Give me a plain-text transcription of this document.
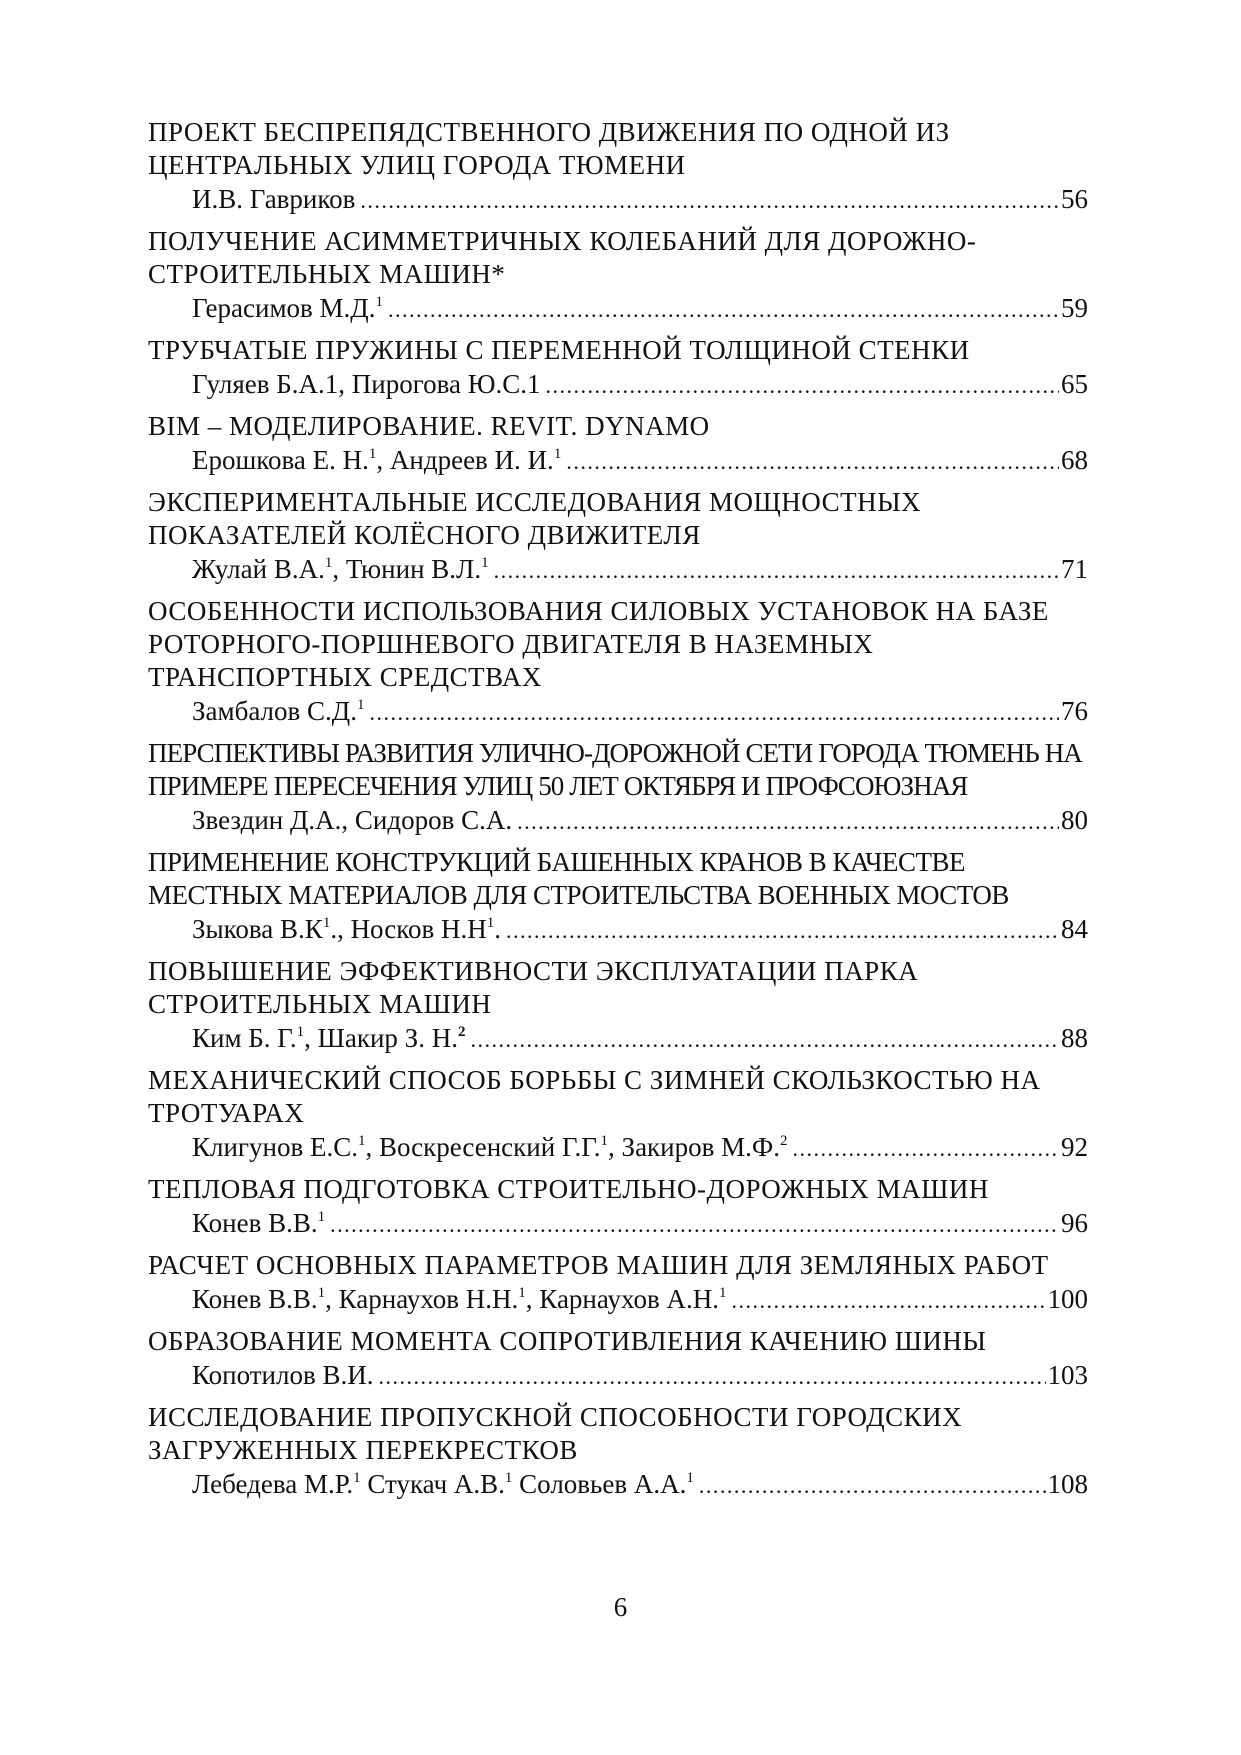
ПРОЕКТ БЕСПРЕПЯДСТВЕННОГО ДВИЖЕНИЯ ПО ОДНОЙ ИЗ ЦЕНТРАЛЬНЫХ УЛИЦ ГОРОДА ТЮМЕНИ
И.В. Гавриков .....	56
ПОЛУЧЕНИЕ АСИММЕТРИЧНЫХ КОЛЕБАНИЙ ДЛЯ ДОРОЖНО-СТРОИТЕЛЬНЫХ МАШИН*
Герасимов М.Д.$^1$ .....	59
ТРУБЧАТЫЕ ПРУЖИНЫ С ПЕРЕМЕННОЙ ТОЛЩИНОЙ СТЕНКИ
Гуляев Б.А.1, Пирогова Ю.С.1 .....	65
BIM – МОДЕЛИРОВАНИЕ. REVIT. DYNAMO
Ерошкова Е. Н.$^1$, Андреев И. И.$^1$ .....	68
ЭКСПЕРИМЕНТАЛЬНЫЕ ИССЛЕДОВАНИЯ МОЩНОСТНЫХ ПОКАЗАТЕЛЕЙ КОЛЁСНОГО ДВИЖИТЕЛЯ
Жулай В.А.$^1$, Тюнин В.Л.$^1$ .....	71
ОСОБЕННОСТИ ИСПОЛЬЗОВАНИЯ СИЛОВЫХ УСТАНОВОК НА БАЗЕ РОТОРНОГО-ПОРШНЕВОГО ДВИГАТЕЛЯ В НАЗЕМНЫХ ТРАНСПОРТНЫХ СРЕДСТВАХ
Замбалов С.Д.$^1$ .....	76
ПЕРСПЕКТИВЫ РАЗВИТИЯ УЛИЧНО-ДОРОЖНОЙ СЕТИ ГОРОДА ТЮМЕНЬ НА ПРИМЕРЕ ПЕРЕСЕЧЕНИЯ УЛИЦ 50 ЛЕТ ОКТЯБРЯ И ПРОФСОЮЗНАЯ
Звездин Д.А., Сидоров С.А. .....	80
ПРИМЕНЕНИЕ КОНСТРУКЦИЙ БАШЕННЫХ КРАНОВ В КАЧЕСТВЕ МЕСТНЫХ МАТЕРИАЛОВ ДЛЯ СТРОИТЕЛЬСТВА ВОЕННЫХ МОСТОВ
Зыкова $В.К^1$., Носков $Н.Н^1$. .....	84
ПОВЫШЕНИЕ ЭФФЕКТИВНОСТИ ЭКСПЛУАТАЦИИ ПАРКА СТРОИТЕЛЬНЫХ МАШИН
Ким Б. Г.$^1$, Шакир З. Н.$^2$ .....	88
МЕХАНИЧЕСКИЙ СПОСОБ БОРЬБЫ С ЗИМНЕЙ СКОЛЬЗКОСТЬЮ НА ТРОТУАРАХ
Клигунов Е.С.$^1$, Воскресенский Г.Г.$^1$, Закиров М.Ф.$^2$ .....	92
ТЕПЛОВАЯ ПОДГОТОВКА СТРОИТЕЛЬНО-ДОРОЖНЫХ МАШИН
Конев В.В.$^1$ .....	96
РАСЧЕТ ОСНОВНЫХ ПАРАМЕТРОВ МАШИН ДЛЯ ЗЕМЛЯНЫХ РАБОТ
Конев В.В.$^1$, Карнаухов Н.Н.$^1$, Карнаухов А.Н.$^1$ .....	100
ОБРАЗОВАНИЕ МОМЕНТА СОПРОТИВЛЕНИЯ КАЧЕНИЮ ШИНЫ
Копотилов В.И. .....	103
ИССЛЕДОВАНИЕ ПРОПУСКНОЙ СПОСОБНОСТИ ГОРОДСКИХ ЗАГРУЖЕННЫХ ПЕРЕКРЕСТКОВ
Лебедева М.Р.$^1$ Стукач А.В.$^1$ Соловьев А.А.$^1$ .....	108
6
